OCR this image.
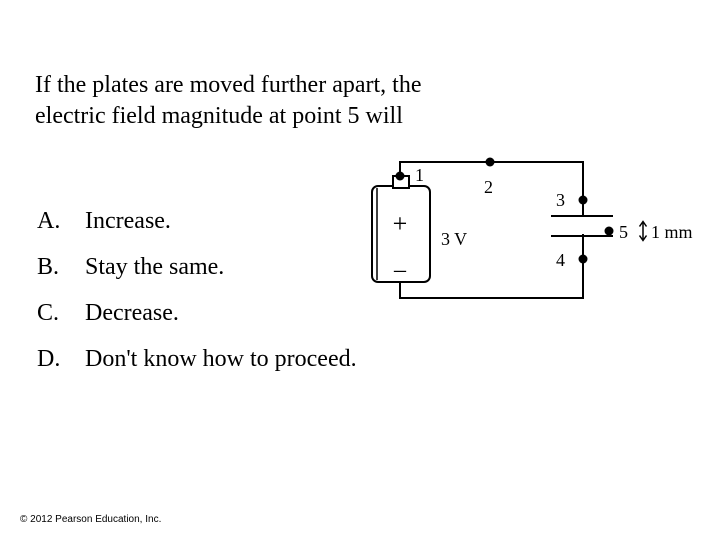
If the plates are moved further apart, the electric field magnitude at point 5 will

A. Increase.
B. Stay the same.
C. Decrease.
D. Don't know how to proceed.
+
–
1
2
3
4
5
3 V	1 mm
© 2012 Pearson Education, Inc.
